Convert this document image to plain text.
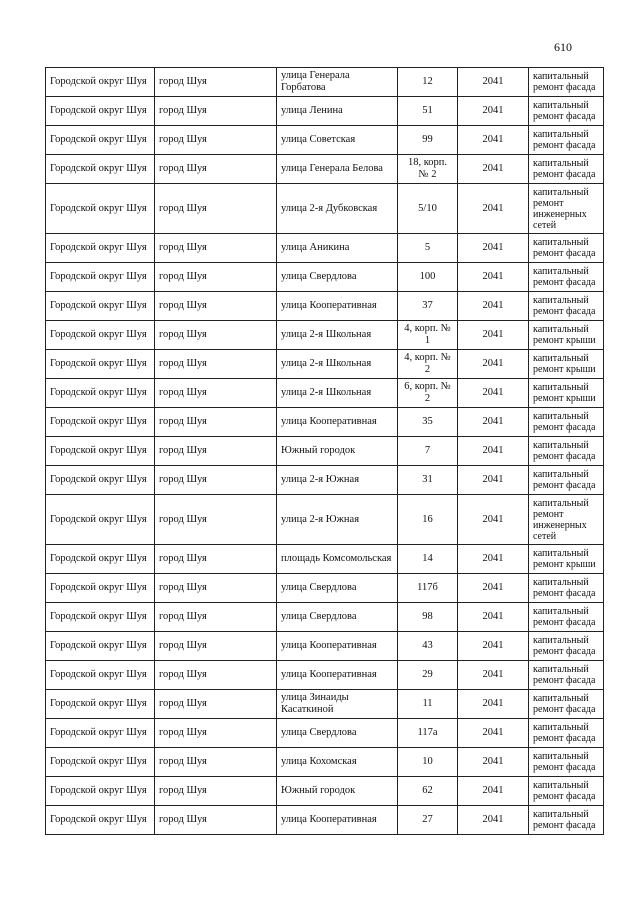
610
Городской округ Шуя	город Шуя	улица Генерала Горбатова	12	2041	капитальный ремонт фасада
Городской округ Шуя	город Шуя	улица Ленина	51	2041	капитальный ремонт фасада
Городской округ Шуя	город Шуя	улица Советская	99	2041	капитальный ремонт фасада
Городской округ Шуя	город Шуя	улица Генерала Белова	18, корп. № 2	2041	капитальный ремонт фасада
Городской округ Шуя	город Шуя	улица 2-я Дубковская	5/10	2041	капитальный ремонт инженерных сетей
Городской округ Шуя	город Шуя	улица Аникина	5	2041	капитальный ремонт фасада
Городской округ Шуя	город Шуя	улица Свердлова	100	2041	капитальный ремонт фасада
Городской округ Шуя	город Шуя	улица Кооперативная	37	2041	капитальный ремонт фасада
Городской округ Шуя	город Шуя	улица 2-я Школьная	4, корп. № 1	2041	капитальный ремонт крыши
Городской округ Шуя	город Шуя	улица 2-я Школьная	4, корп. № 2	2041	капитальный ремонт крыши
Городской округ Шуя	город Шуя	улица 2-я Школьная	6, корп. № 2	2041	капитальный ремонт крыши
Городской округ Шуя	город Шуя	улица Кооперативная	35	2041	капитальный ремонт фасада
Городской округ Шуя	город Шуя	Южный городок	7	2041	капитальный ремонт фасада
Городской округ Шуя	город Шуя	улица 2-я Южная	31	2041	капитальный ремонт фасада
Городской округ Шуя	город Шуя	улица 2-я Южная	16	2041	капитальный ремонт инженерных сетей
Городской округ Шуя	город Шуя	площадь Комсомольская	14	2041	капитальный ремонт крыши
Городской округ Шуя	город Шуя	улица Свердлова	117б	2041	капитальный ремонт фасада
Городской округ Шуя	город Шуя	улица Свердлова	98	2041	капитальный ремонт фасада
Городской округ Шуя	город Шуя	улица Кооперативная	43	2041	капитальный ремонт фасада
Городской округ Шуя	город Шуя	улица Кооперативная	29	2041	капитальный ремонт фасада
Городской округ Шуя	город Шуя	улица Зинаиды Касаткиной	11	2041	капитальный ремонт фасада
Городской округ Шуя	город Шуя	улица Свердлова	117а	2041	капитальный ремонт фасада
Городской округ Шуя	город Шуя	улица Кохомская	10	2041	капитальный ремонт фасада
Городской округ Шуя	город Шуя	Южный городок	62	2041	капитальный ремонт фасада
Городской округ Шуя	город Шуя	улица Кооперативная	27	2041	капитальный ремонт фасада
